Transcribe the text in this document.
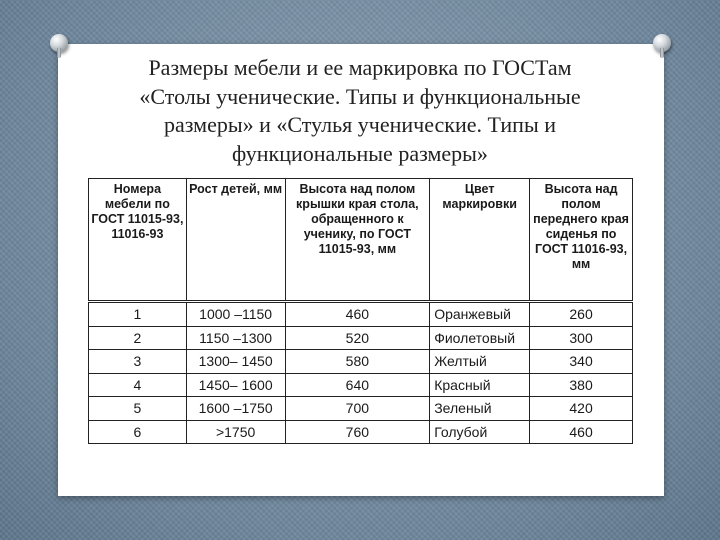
Размеры мебели и ее маркировка по ГОСТам
«Столы ученические. Типы и функциональные
размеры» и «Стулья ученические. Типы и
функциональные размеры»
Номера мебели по ГОСТ 11015-93, 11016-93	Рост детей, мм	Высота над полом крышки края стола, обращенного к ученику, по ГОСТ 11015-93, мм	Цвет маркировки	Высота над полом переднего края сиденья по ГОСТ 11016-93, мм
1	1000 –1150	460	Оранжевый	260
2	1150 –1300	520	Фиолетовый	300
3	1300– 1450	580	Желтый	340
4	1450– 1600	640	Красный	380
5	1600 –1750	700	Зеленый	420
6	>1750	760	Голубой	460
